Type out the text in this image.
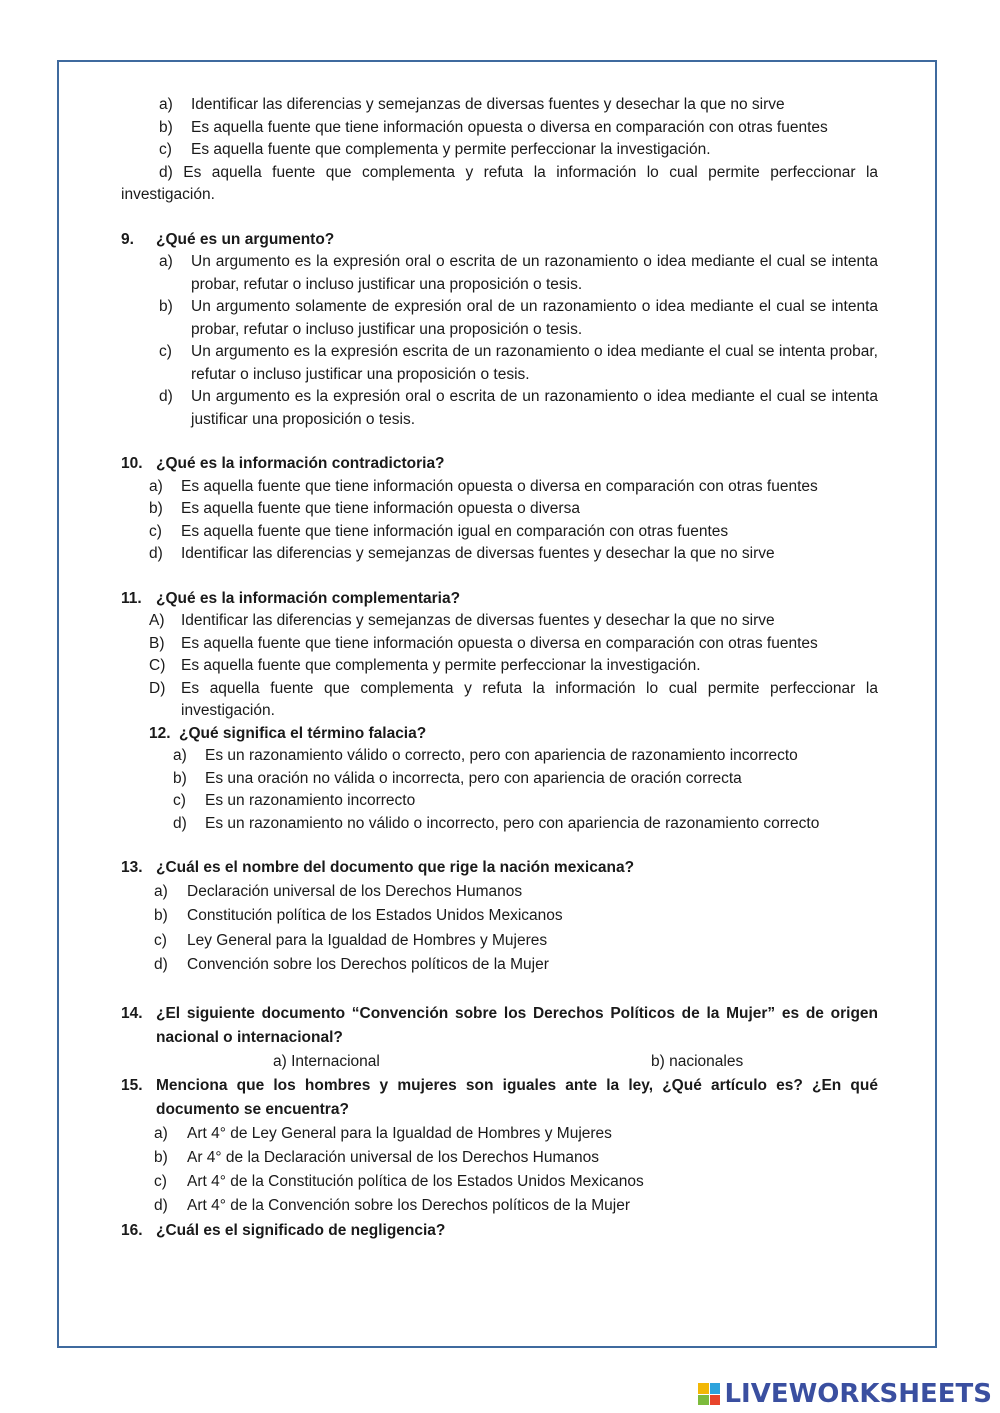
a)	Identificar las diferencias y semejanzas de diversas fuentes y desechar la que no sirve
b)	Es aquella fuente que tiene información opuesta o diversa en comparación con otras fuentes
c)	Es aquella fuente que complementa y permite perfeccionar la investigación.
d) Es aquella fuente que complementa y refuta la información lo cual permite perfeccionar la investigación.
9.	¿Qué es un argumento?
a)	Un argumento es la expresión oral o escrita de un razonamiento o idea mediante el cual se intenta probar, refutar o incluso justificar una proposición o tesis.
b)	Un argumento solamente de expresión oral de un razonamiento o idea mediante el cual se intenta probar, refutar o incluso justificar una proposición o tesis.
c)	Un argumento es la expresión escrita de un razonamiento o idea mediante el cual se intenta probar, refutar o incluso justificar una proposición o tesis.
d)	Un argumento es la expresión oral o escrita de un razonamiento o idea mediante el cual se intenta justificar una proposición o tesis.
10. ¿Qué es la información contradictoria?
a)	Es aquella fuente que tiene información opuesta o diversa en comparación con otras fuentes
b)	Es aquella fuente que tiene información opuesta o diversa
c)	Es aquella fuente que tiene información igual en comparación con otras fuentes
d)	Identificar las diferencias y semejanzas de diversas fuentes y desechar la que no sirve
11. ¿Qué es la información complementaria?
A)	Identificar las diferencias y semejanzas de diversas fuentes y desechar la que no sirve
B)	Es aquella fuente que tiene información opuesta o diversa en comparación con otras fuentes
C)	Es aquella fuente que complementa y permite perfeccionar la investigación.
D)	Es aquella fuente que complementa y refuta la información lo cual permite perfeccionar la investigación.
12. ¿Qué significa el término falacia?
a)	Es un razonamiento válido o correcto, pero con apariencia de razonamiento incorrecto
b)	Es una oración no válida o incorrecta, pero con apariencia de oración correcta
c)	Es un razonamiento incorrecto
d)	Es un razonamiento no válido o incorrecto, pero con apariencia de razonamiento correcto
13. ¿Cuál es el nombre del documento que rige la nación mexicana?
a)	Declaración universal de los Derechos Humanos
b)	Constitución política de los Estados Unidos Mexicanos
c)	Ley General para la Igualdad de Hombres y Mujeres
d)	Convención sobre los Derechos políticos de la Mujer
14. ¿El siguiente documento “Convención sobre los Derechos Políticos de la Mujer” es de origen nacional o internacional?
a) Internacional	b) nacionales
15. Menciona que los hombres y mujeres son iguales ante la ley, ¿Qué artículo es? ¿En qué documento se encuentra?
a)	Art 4° de Ley General para la Igualdad de Hombres y Mujeres
b)	Ar 4° de la Declaración universal de los Derechos Humanos
c)	Art 4° de la Constitución política de los Estados Unidos Mexicanos
d)	Art 4° de la Convención sobre los Derechos políticos de la Mujer
16. ¿Cuál es el significado de negligencia?
LIVEWORKSHEETS
